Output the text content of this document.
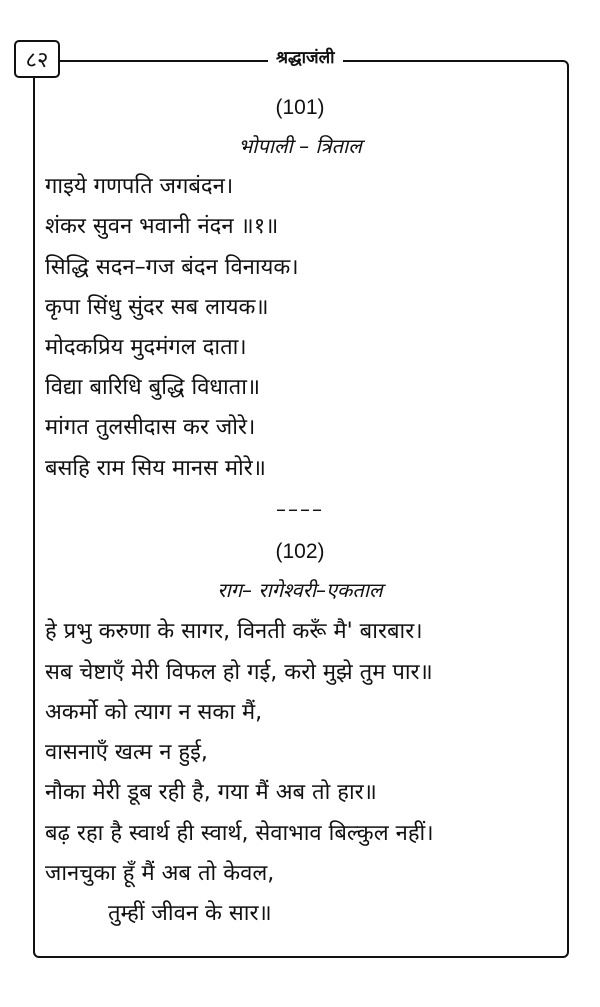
८२	श्रद्धाजंली
(101)
भोपाली – त्रिताल
गाइये गणपति जगबंदन।
शंकर सुवन भवानी नंदन ॥१॥
सिद्धि सदन–गज बंदन विनायक।
कृपा सिंधु सुंदर सब लायक॥
मोदकप्रिय मुदमंगल दाता।
विद्या बारिधि बुद्धि विधाता॥
मांगत तुलसीदास कर जोरे।
बसहि राम सिय मानस मोरे॥
––––
(102)
राग– रागेश्वरी–एकताल
हे प्रभु करुणा के सागर, विनती करूँ मै' बारबार।
सब चेष्टाएँ मेरी विफल हो गई, करो मुझे तुम पार॥
अकर्मो को त्याग न सका मैं,
वासनाएँ खत्म न हुई,
नौका मेरी डूब रही है, गया मैं अब तो हार॥
बढ़ रहा है स्वार्थ ही स्वार्थ, सेवाभाव बिल्कुल नहीं।
जानचुका हूँ मैं अब तो केवल,
तुम्हीं जीवन के सार॥
